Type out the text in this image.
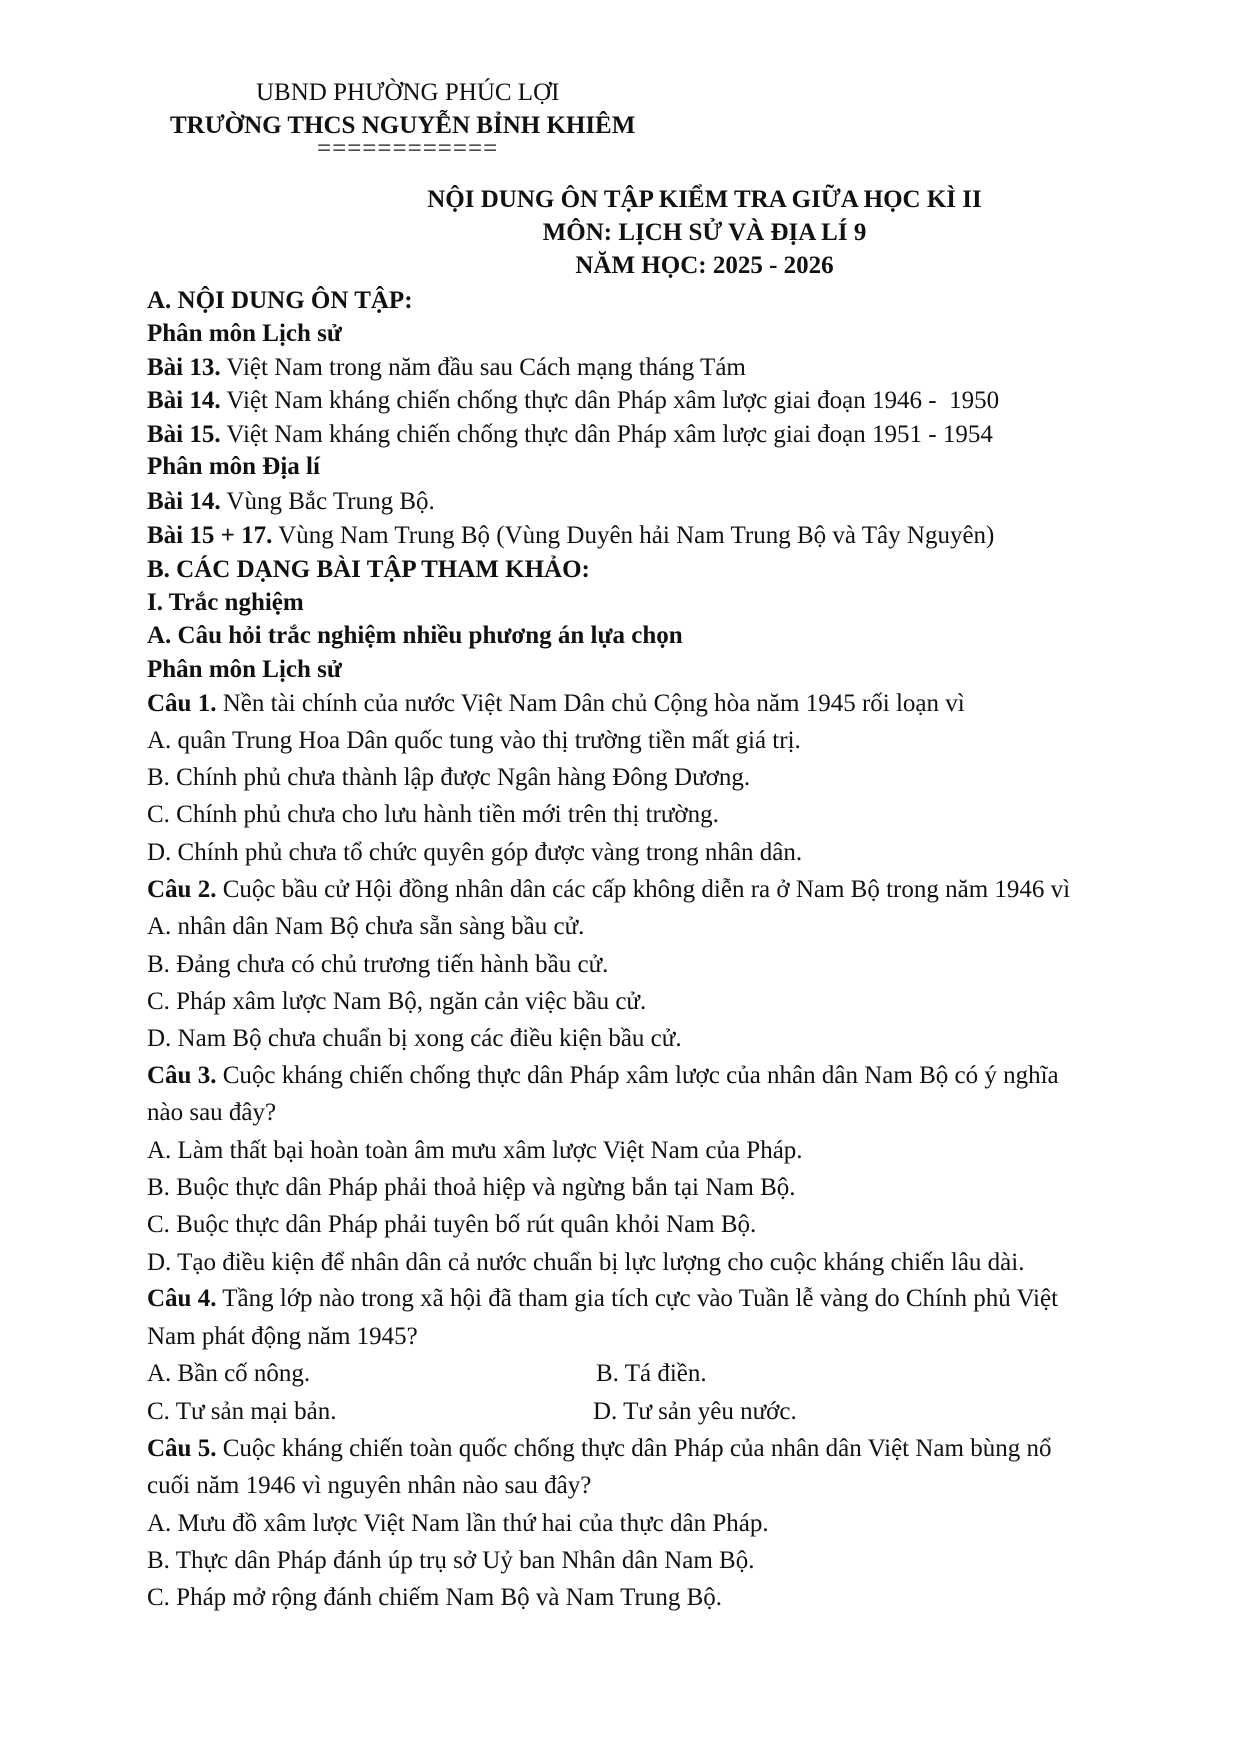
UBND PHƯỜNG PHÚC LỢI
TRƯỜNG THCS NGUYỄN BỈNH KHIÊM
============
NỘI DUNG ÔN TẬP KIỂM TRA GIỮA HỌC KÌ II
MÔN: LỊCH SỬ VÀ ĐỊA LÍ 9
NĂM HỌC: 2025 - 2026
A. NỘI DUNG ÔN TẬP:
Phân môn Lịch sử
Bài 13. Việt Nam trong năm đầu sau Cách mạng tháng Tám
Bài 14. Việt Nam kháng chiến chống thực dân Pháp xâm lược giai đoạn 1946 -  1950
Bài 15. Việt Nam kháng chiến chống thực dân Pháp xâm lược giai đoạn 1951 - 1954
Phân môn Địa lí
Bài 14. Vùng Bắc Trung Bộ.
Bài 15 + 17. Vùng Nam Trung Bộ (Vùng Duyên hải Nam Trung Bộ và Tây Nguyên)
B. CÁC DẠNG BÀI TẬP THAM KHẢO:
I. Trắc nghiệm
A. Câu hỏi trắc nghiệm nhiều phương án lựa chọn
Phân môn Lịch sử
Câu 1. Nền tài chính của nước Việt Nam Dân chủ Cộng hòa năm 1945 rối loạn vì
A. quân Trung Hoa Dân quốc tung vào thị trường tiền mất giá trị.
B. Chính phủ chưa thành lập được Ngân hàng Đông Dương.
C. Chính phủ chưa cho lưu hành tiền mới trên thị trường.
D. Chính phủ chưa tổ chức quyên góp được vàng trong nhân dân.
Câu 2. Cuộc bầu cử Hội đồng nhân dân các cấp không diễn ra ở Nam Bộ trong năm 1946 vì
A. nhân dân Nam Bộ chưa sẵn sàng bầu cử.
B. Đảng chưa có chủ trương tiến hành bầu cử.
C. Pháp xâm lược Nam Bộ, ngăn cản việc bầu cử.
D. Nam Bộ chưa chuẩn bị xong các điều kiện bầu cử.
Câu 3. Cuộc kháng chiến chống thực dân Pháp xâm lược của nhân dân Nam Bộ có ý nghĩa
nào sau đây?
A. Làm thất bại hoàn toàn âm mưu xâm lược Việt Nam của Pháp.
B. Buộc thực dân Pháp phải thoả hiệp và ngừng bắn tại Nam Bộ.
C. Buộc thực dân Pháp phải tuyên bố rút quân khỏi Nam Bộ.
D. Tạo điều kiện để nhân dân cả nước chuẩn bị lực lượng cho cuộc kháng chiến lâu dài.
Câu 4. Tầng lớp nào trong xã hội đã tham gia tích cực vào Tuần lễ vàng do Chính phủ Việt
Nam phát động năm 1945?
A. Bần cố nông.	B. Tá điền.
C. Tư sản mại bản.	D. Tư sản yêu nước.
Câu 5. Cuộc kháng chiến toàn quốc chống thực dân Pháp của nhân dân Việt Nam bùng nổ
cuối năm 1946 vì nguyên nhân nào sau đây?
A. Mưu đồ xâm lược Việt Nam lần thứ hai của thực dân Pháp.
B. Thực dân Pháp đánh úp trụ sở Uỷ ban Nhân dân Nam Bộ.
C. Pháp mở rộng đánh chiếm Nam Bộ và Nam Trung Bộ.
